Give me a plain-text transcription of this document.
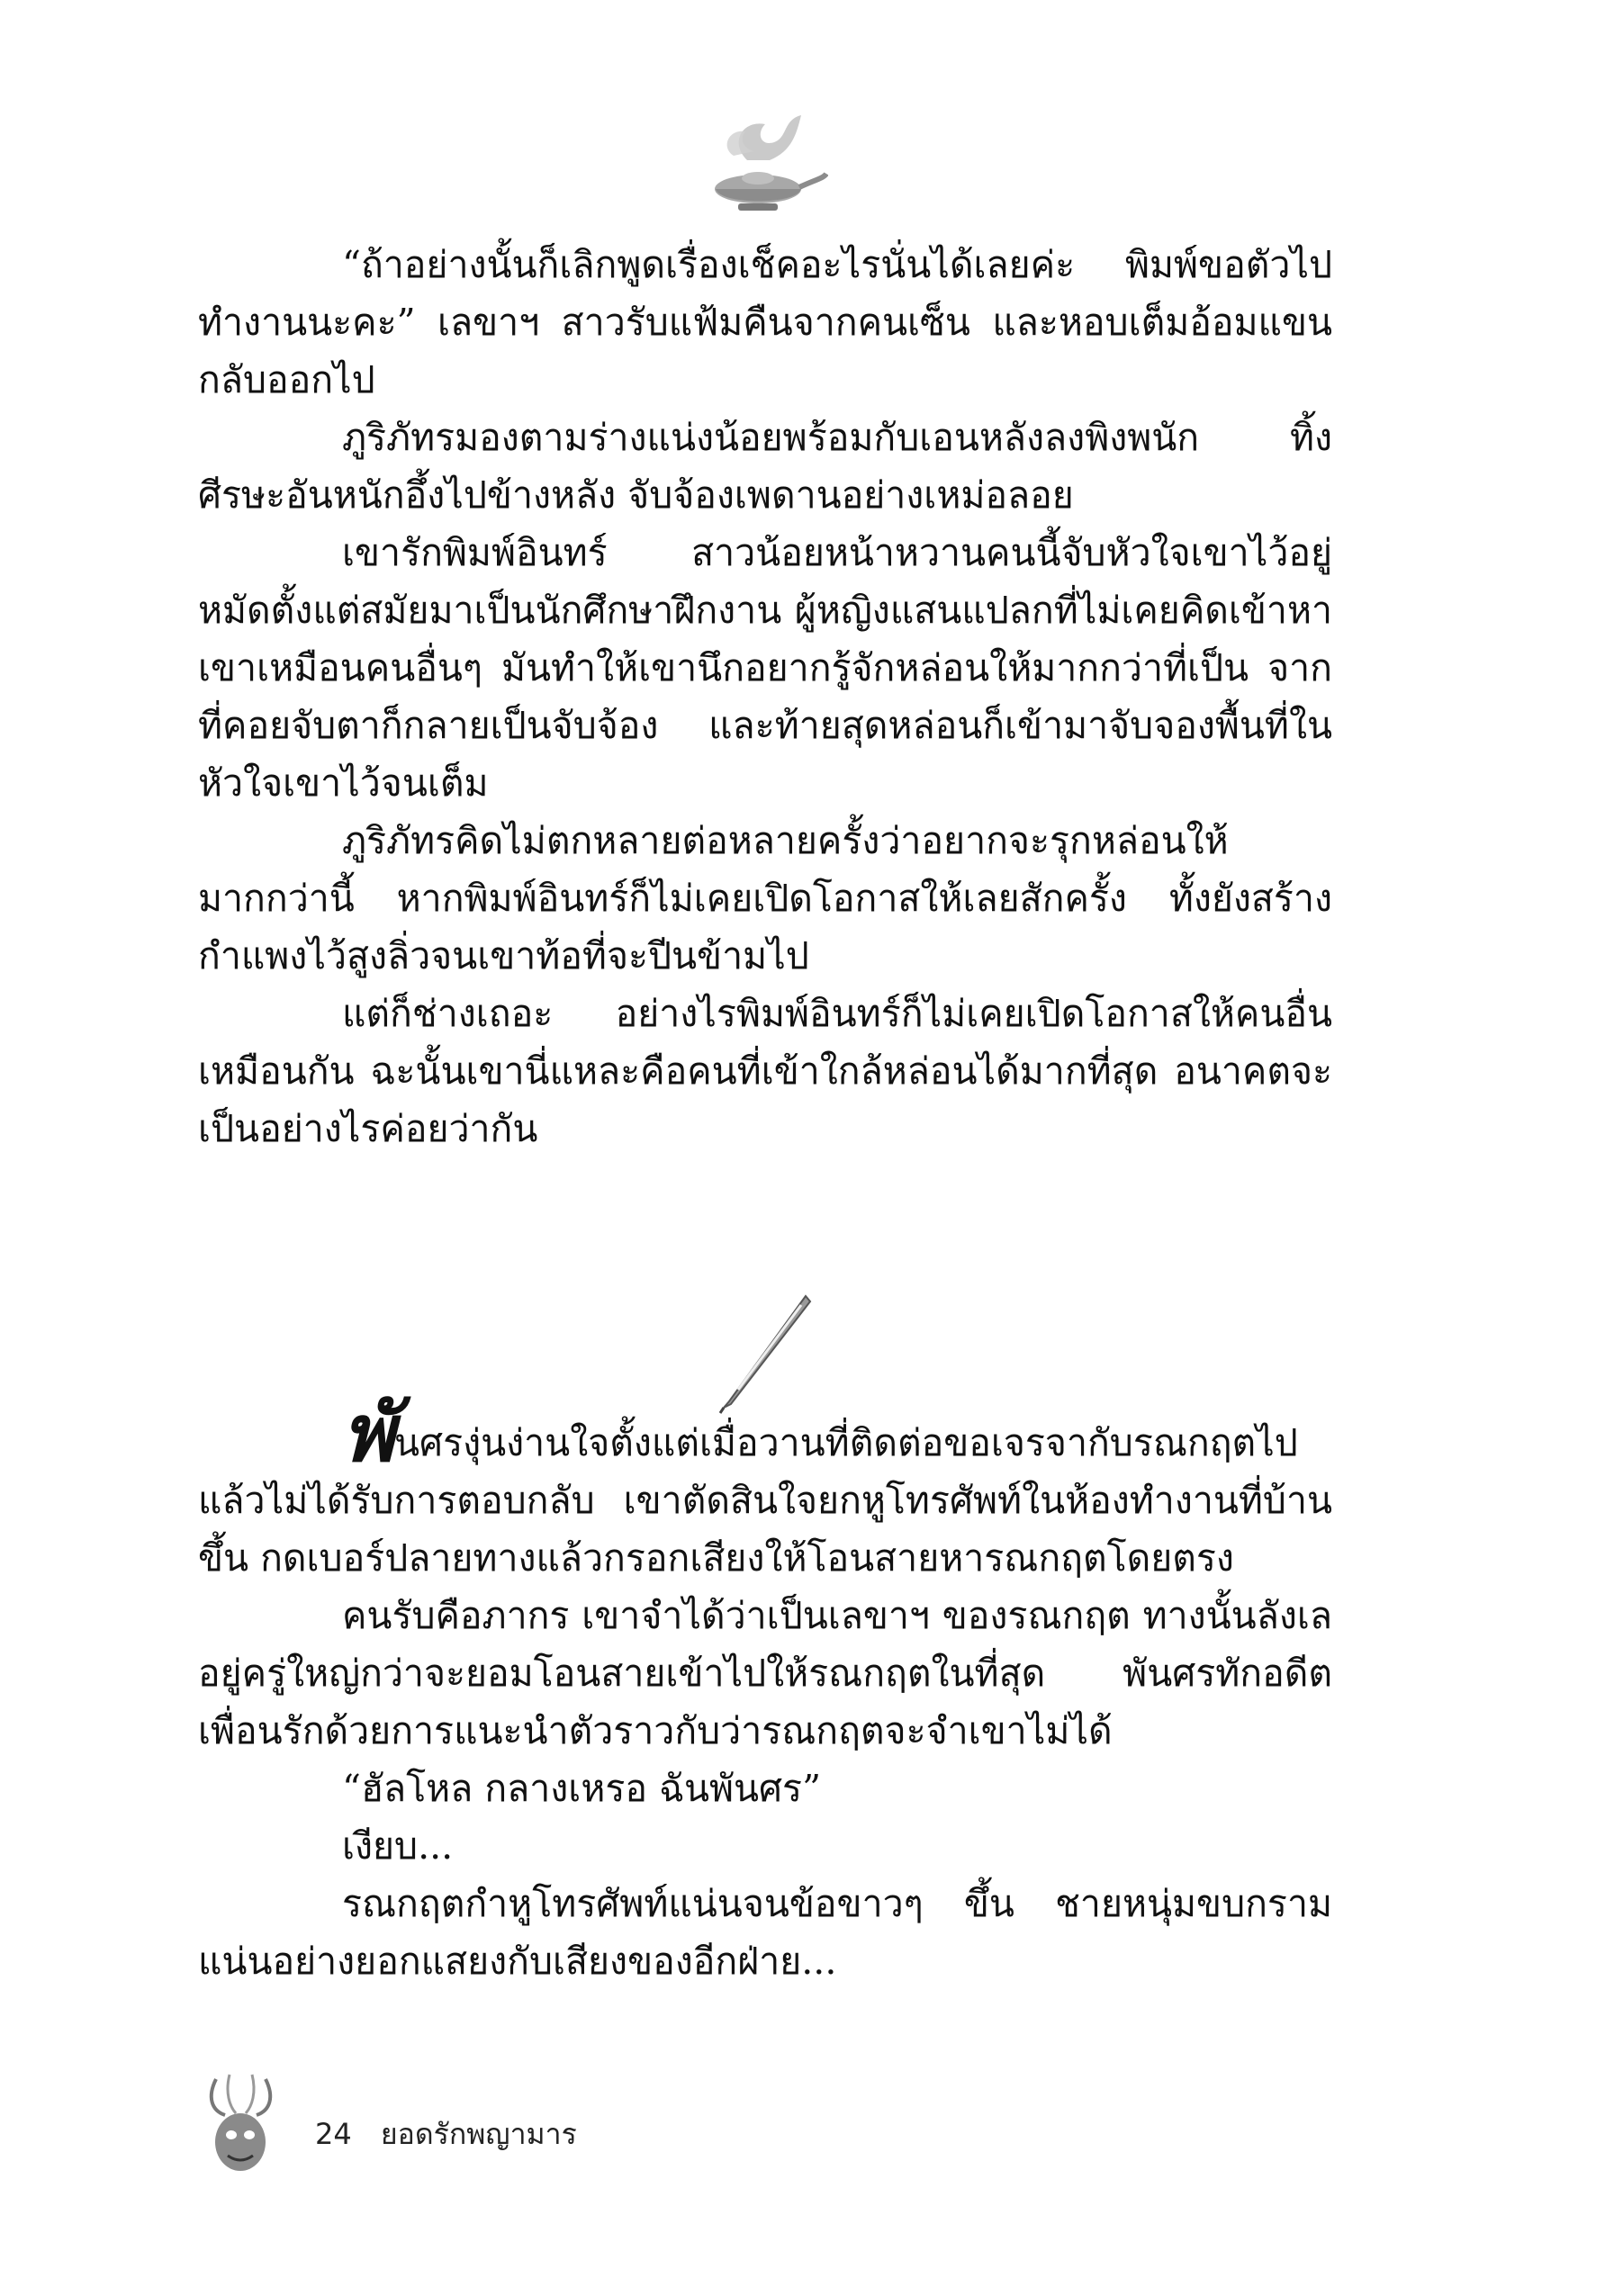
“ถ้าอย่างนั้นก็เลิกพูดเรื่องเช็คอะไรนั่นได้เลยค่ะ พิมพ์ขอตัวไปทำงานนะคะ” เลขาฯ สาวรับแฟ้มคืนจากคนเซ็น และหอบเต็มอ้อมแขนกลับออกไป

ภูริภัทรมองตามร่างแน่งน้อยพร้อมกับเอนหลังลงพิงพนัก ทิ้งศีรษะอันหนักอึ้งไปข้างหลัง จับจ้องเพดานอย่างเหม่อลอย

เขารักพิมพ์อินทร์ สาวน้อยหน้าหวานคนนี้จับหัวใจเขาไว้อยู่หมัดตั้งแต่สมัยมาเป็นนักศึกษาฝึกงาน ผู้หญิงแสนแปลกที่ไม่เคยคิดเข้าหาเขาเหมือนคนอื่นๆ มันทำให้เขานึกอยากรู้จักหล่อนให้มากกว่าที่เป็น จากที่คอยจับตาก็กลายเป็นจับจ้อง และท้ายสุดหล่อนก็เข้ามาจับจองพื้นที่ในหัวใจเขาไว้จนเต็ม

ภูริภัทรคิดไม่ตกหลายต่อหลายครั้งว่าอยากจะรุกหล่อนให้มากกว่านี้ หากพิมพ์อินทร์ก็ไม่เคยเปิดโอกาสให้เลยสักครั้ง ทั้งยังสร้างกำแพงไว้สูงลิ่วจนเขาท้อที่จะปีนข้ามไป

แต่ก็ช่างเถอะ อย่างไรพิมพ์อินทร์ก็ไม่เคยเปิดโอกาสให้คนอื่นเหมือนกัน ฉะนั้นเขานี่แหละคือคนที่เข้าใกล้หล่อนได้มากที่สุด อนาคตจะเป็นอย่างไรค่อยว่ากัน

พันศรงุ่นง่านใจตั้งแต่เมื่อวานที่ติดต่อขอเจรจากับรณกฤตไปแล้วไม่ได้รับการตอบกลับ เขาตัดสินใจยกหูโทรศัพท์ในห้องทำงานที่บ้านขึ้น กดเบอร์ปลายทางแล้วกรอกเสียงให้โอนสายหารณกฤตโดยตรง

คนรับคือภากร เขาจำได้ว่าเป็นเลขาฯ ของรณกฤต ทางนั้นลังเลอยู่ครู่ใหญ่กว่าจะยอมโอนสายเข้าไปให้รณกฤตในที่สุด พันศรทักอดีตเพื่อนรักด้วยการแนะนำตัวราวกับว่ารณกฤตจะจำเขาไม่ได้

“ฮัลโหล กลางเหรอ ฉันพันศร”

เงียบ...

รณกฤตกำหูโทรศัพท์แน่นจนข้อขาวๆ ขึ้น ชายหนุ่มขบกรามแน่นอย่างยอกแสยงกับเสียงของอีกฝ่าย...

24 ยอดรักพญามาร
